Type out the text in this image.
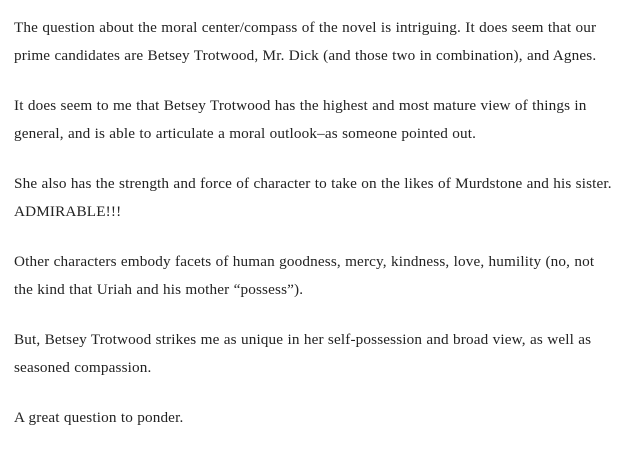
The question about the moral center/compass of the novel is intriguing. It does seem that our prime candidates are Betsey Trotwood, Mr. Dick (and those two in combination), and Agnes.

It does seem to me that Betsey Trotwood has the highest and most mature view of things in general, and is able to articulate a moral outlook–as someone pointed out.

She also has the strength and force of character to take on the likes of Murdstone and his sister. ADMIRABLE!!!

Other characters embody facets of human goodness, mercy, kindness, love, humility (no, not the kind that Uriah and his mother “possess”).

But, Betsey Trotwood strikes me as unique in her self-possession and broad view, as well as seasoned compassion.

A great question to ponder.
